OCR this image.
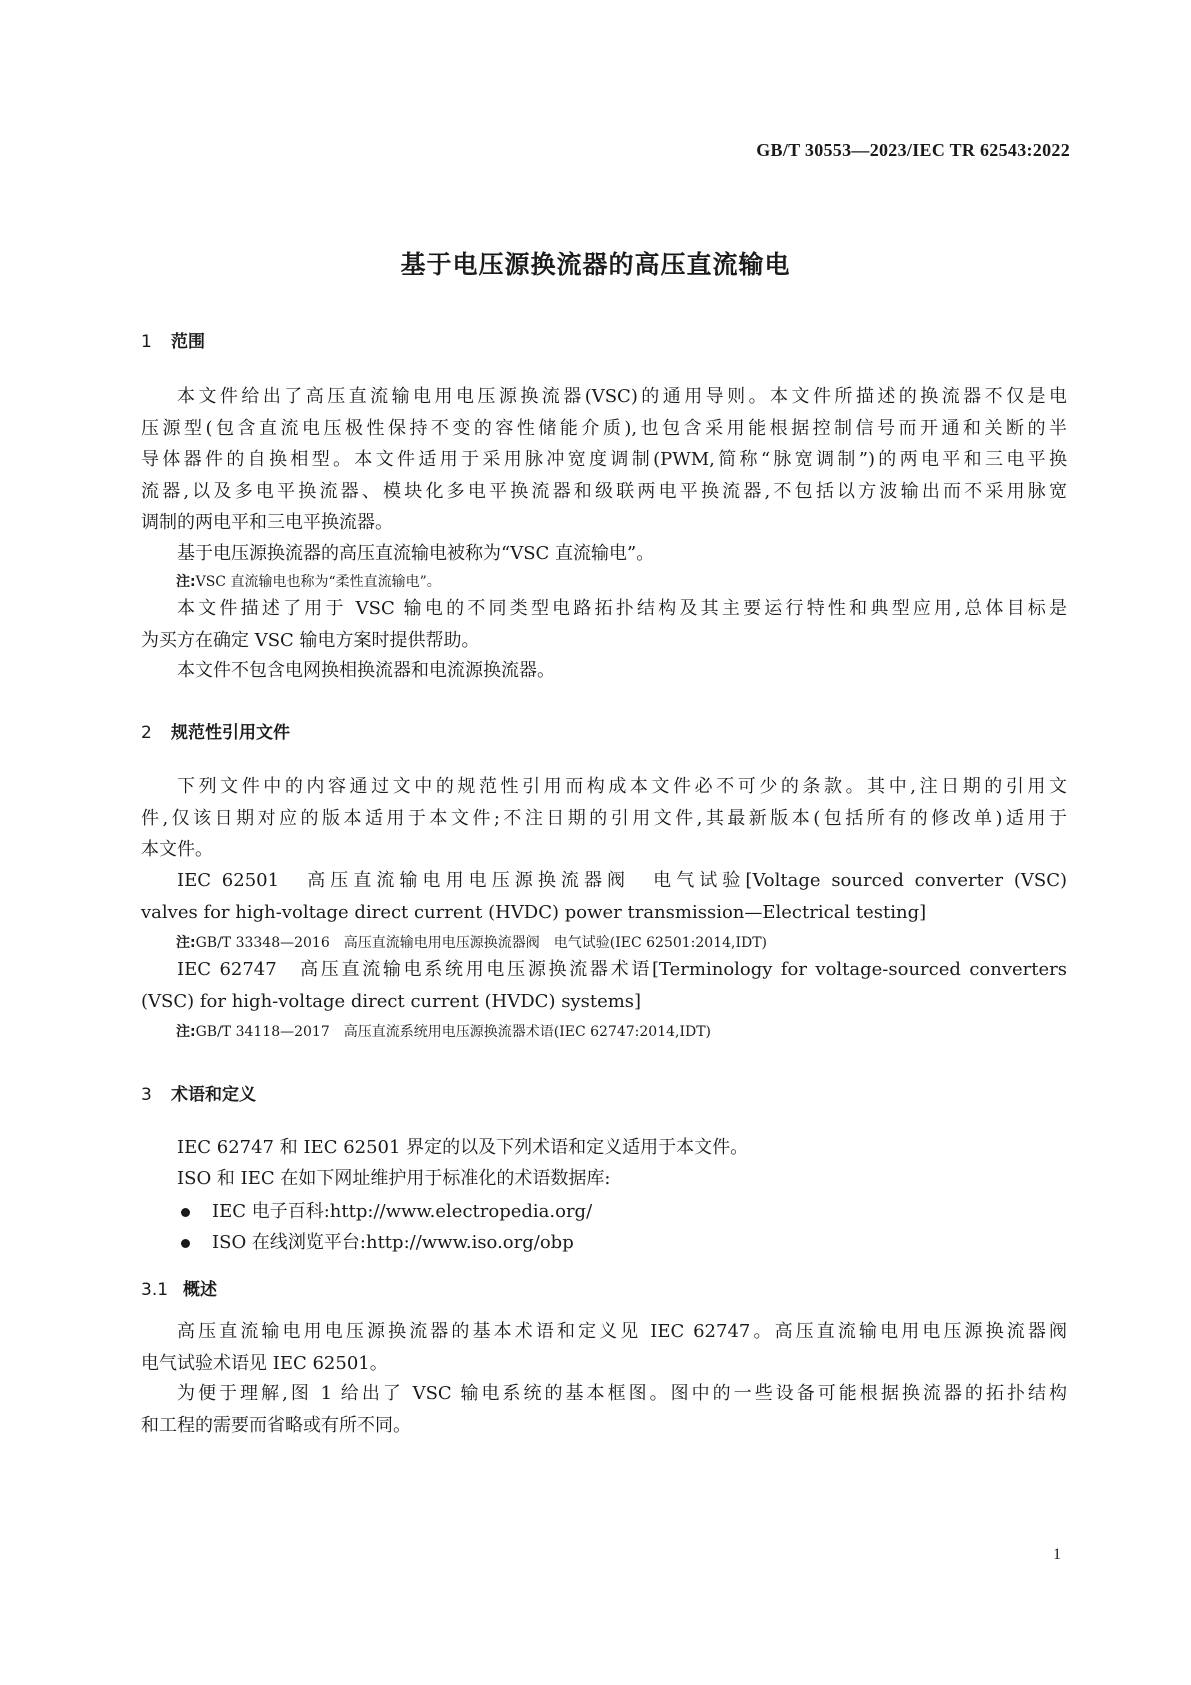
GB/T 30553—2023/IEC TR 62543:2022
基于电压源换流器的高压直流输电
1 范围
本文件给出了高压直流输电用电压源换流器(VSC)的通用导则。本文件所描述的换流器不仅是电
压源型(包含直流电压极性保持不变的容性储能介质),也包含采用能根据控制信号而开通和关断的半
导体器件的自换相型。本文件适用于采用脉冲宽度调制(PWM,简称“脉宽调制”)的两电平和三电平换
流器,以及多电平换流器、模块化多电平换流器和级联两电平换流器,不包括以方波输出而不采用脉宽
调制的两电平和三电平换流器。
基于电压源换流器的高压直流输电被称为“VSC 直流输电”。
注:VSC 直流输电也称为“柔性直流输电”。
本文件描述了用于 VSC 输电的不同类型电路拓扑结构及其主要运行特性和典型应用,总体目标是
为买方在确定 VSC 输电方案时提供帮助。
本文件不包含电网换相换流器和电流源换流器。
2 规范性引用文件
下列文件中的内容通过文中的规范性引用而构成本文件必不可少的条款。其中,注日期的引用文
件,仅该日期对应的版本适用于本文件;不注日期的引用文件,其最新版本(包括所有的修改单)适用于
本文件。
IEC 62501　高压直流输电用电压源换流器阀　电气试验[Voltage sourced converter (VSC)
valves for high-voltage direct current (HVDC) power transmission—Electrical testing]
注:GB/T 33348—2016　高压直流输电用电压源换流器阀　电气试验(IEC 62501:2014,IDT)
IEC 62747　高压直流输电系统用电压源换流器术语[Terminology for voltage-sourced converters
(VSC) for high-voltage direct current (HVDC) systems]
注:GB/T 34118—2017　高压直流系统用电压源换流器术语(IEC 62747:2014,IDT)
3 术语和定义
IEC 62747 和 IEC 62501 界定的以及下列术语和定义适用于本文件。
ISO 和 IEC 在如下网址维护用于标准化的术语数据库:
IEC 电子百科:http://www.electropedia.org/
ISO 在线浏览平台:http://www.iso.org/obp
3.1 概述
高压直流输电用电压源换流器的基本术语和定义见 IEC 62747。高压直流输电用电压源换流器阀
电气试验术语见 IEC 62501。
为便于理解,图 1 给出了 VSC 输电系统的基本框图。图中的一些设备可能根据换流器的拓扑结构
和工程的需要而省略或有所不同。
1
